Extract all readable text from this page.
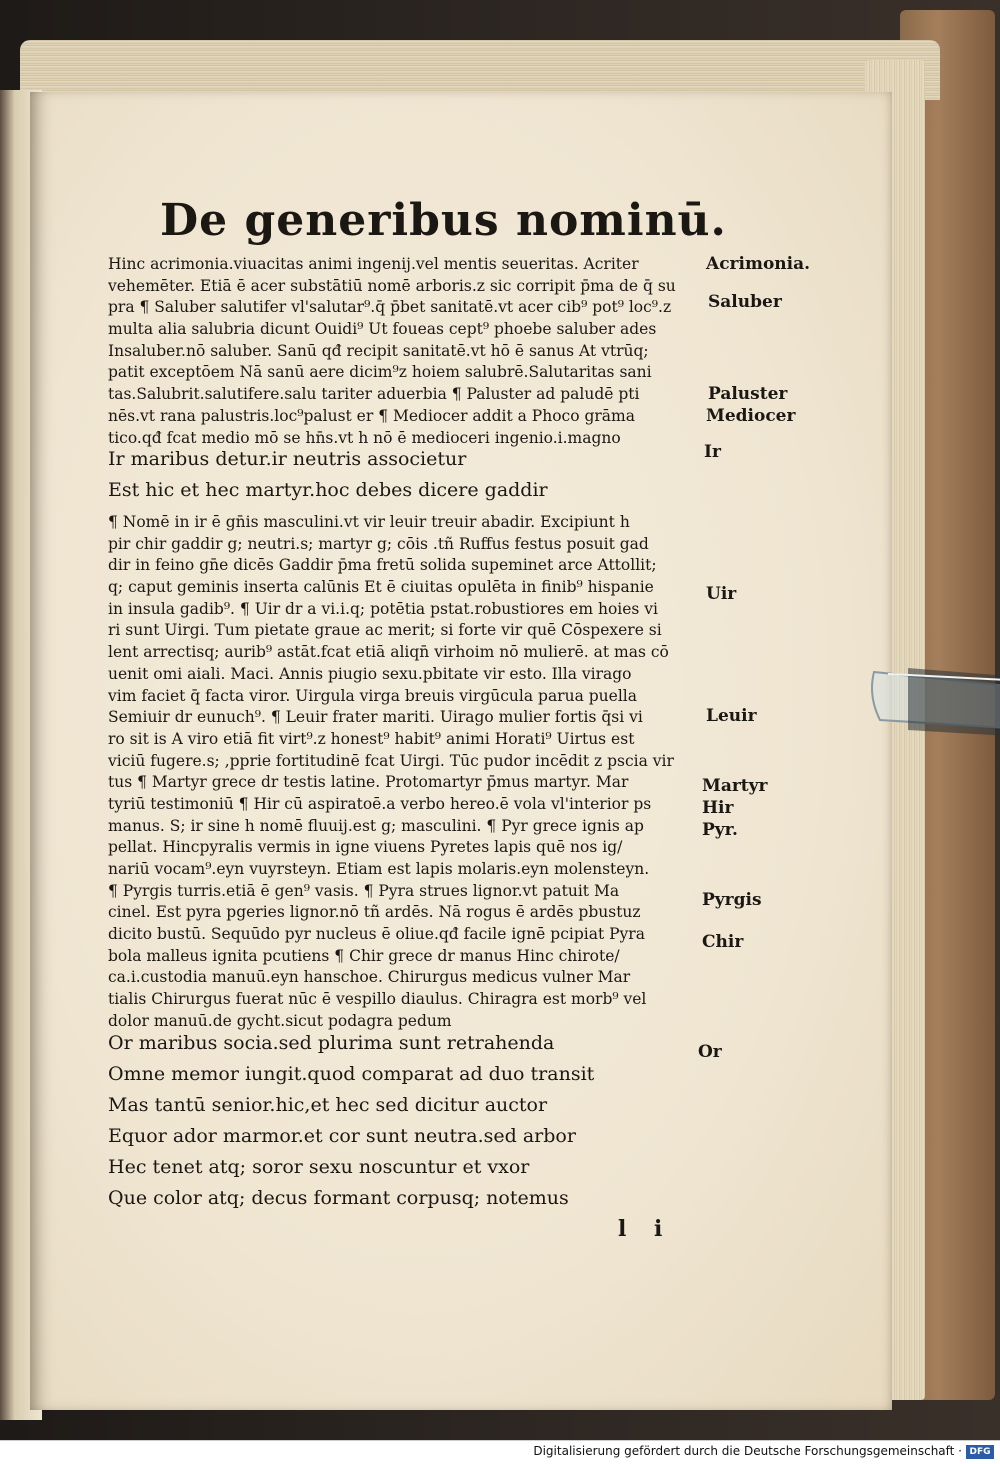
De generibus nominū.
Hinc acrimonia.viuacitas animi ingenij.vel mentis seueritas. Acriter
vehemēter. Etiā ē acer substātiū nomē arboris.z sic corripit p̄ma de q̄ su
pra ¶ Saluber salutifer vl'salutar⁹.q̄ p̄bet sanitatē.vt acer cib⁹ pot⁹ loc⁹.z
multa alia salubria dicunt Ouidi⁹ Ut foueas cept⁹ phoebe saluber ades
Insaluber.nō saluber. Sanū qđ recipit sanitatē.vt hō ē sanus At vtrūq;
patit exceptōem Nā sanū aere dicim⁹z hoiem salubrē.Salutaritas sani
tas.Salubrit.salutifere.salu tariter aduerbia ¶ Paluster ad paludē pti
nēs.vt rana palustris.loc⁹palust er ¶ Mediocer addit a Phoco grāma
tico.qđ fcat medio mō se hn̄s.vt h nō ē medioceri ingenio.i.magno
Ir maribus detur.ir neutris associetur
Est hic et hec martyr.hoc debes dicere gaddir
¶ Nomē in ir ē gn̄is masculini.vt vir leuir treuir abadir. Excipiunt h
pir chir gaddir g; neutri.s; martyr g; cōis .tñ Ruffus festus posuit gad
dir in feino gn̄e dicēs Gaddir p̄ma fretū solida supeminet arce Attollit;
q; caput geminis inserta calūnis Et ē ciuitas opulēta in finib⁹ hispanie
in insula gadib⁹. ¶ Uir dr a vi.i.q; potētia pstat.robustiores em hoies vi
ri sunt Uirgi. Tum pietate graue ac merit; si forte vir quē Cōspexere si
lent arrectisq; aurib⁹ astāt.fcat etiā aliqn̄ virhoim nō mulierē. at mas cō
uenit omi aiali. Maci. Annis piugio sexu.pbitate vir esto. Illa virago
vim faciet q̄ facta viror. Uirgula virga breuis virgūcula parua puella
Semiuir dr eunuch⁹. ¶ Leuir frater mariti. Uirago mulier fortis q̄si vi
ro sit is A viro etiā fit virt⁹.z honest⁹ habit⁹ animi Horati⁹ Uirtus est
viciū fugere.s; ,pprie fortitudinē fcat Uirgi. Tūc pudor incēdit z pscia vir
tus ¶ Martyr grece dr testis latine. Protomartyr p̄mus martyr. Mar
tyriū testimoniū ¶ Hir cū aspiratoē.a verbo hereo.ē vola vl'interior ps
manus. S; ir sine h nomē fluuij.est g; masculini. ¶ Pyr grece ignis ap
pellat. Hincpyralis vermis in igne viuens Pyretes lapis quē nos ig/
nariū vocam⁹.eyn vuyrsteyn. Etiam est lapis molaris.eyn molensteyn.
¶ Pyrgis turris.etiā ē gen⁹ vasis. ¶ Pyra strues lignor.vt patuit Ma
cinel. Est pyra pgeries lignor.nō tñ ardēs. Nā rogus ē ardēs pbustuz
dicito bustū. Sequūdo pyr nucleus ē oliue.qđ facile ignē pcipiat Pyra
bola malleus ignita pcutiens ¶ Chir grece dr manus Hinc chirote/
ca.i.custodia manuū.eyn hanschoe. Chirurgus medicus vulner Mar
tialis Chirurgus fuerat nūc ē vespillo diaulus. Chiragra est morb⁹ vel
dolor manuū.de gycht.sicut podagra pedum
Or maribus socia.sed plurima sunt retrahenda
Omne memor iungit.quod comparat ad duo transit
Mas tantū senior.hic,et hec sed dicitur auctor
Equor ador marmor.et cor sunt neutra.sed arbor
Hec tenet atq; soror sexu noscuntur et vxor
Que color atq; decus formant corpusq; notemus
Acrimonia.
Saluber
Paluster
Mediocer
Ir
Uir
Leuir
Martyr
Hir
Pyr.
Pyrgis
Chir
Or
l i
Digitalisierung gefördert durch die Deutsche Forschungsgemeinschaft · DFG
